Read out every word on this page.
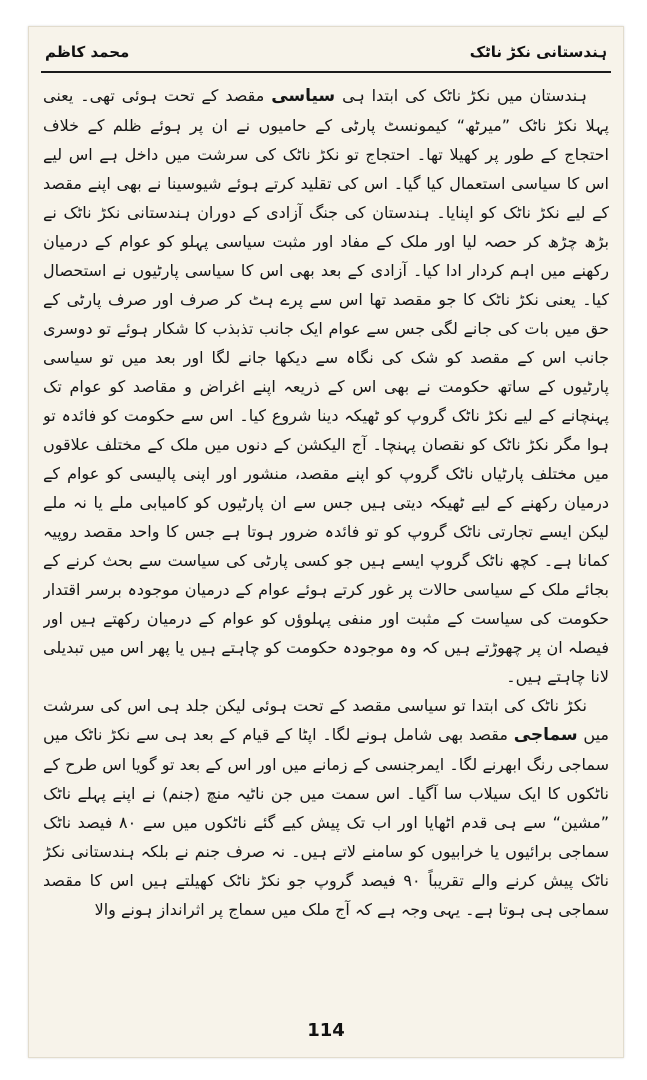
ہندستانی نکڑ ناٹک
محمد کاظم

ہندستان میں نکڑ ناٹک کی ابتدا ہی سیاسی مقصد کے تحت ہوئی تھی۔ یعنی پہلا نکڑ ناٹک ”میرٹھ“ کیمونسٹ پارٹی کے حامیوں نے ان پر ہوئے ظلم کے خلاف احتجاج کے طور پر کھیلا تھا۔ احتجاج تو نکڑ ناٹک کی سرشت میں داخل ہے اس لیے اس کا سیاسی استعمال کیا گیا۔ اس کی تقلید کرتے ہوئے شیوسینا نے بھی اپنے مقصد کے لیے نکڑ ناٹک کو اپنایا۔ ہندستان کی جنگ آزادی کے دوران ہندستانی نکڑ ناٹک نے بڑھ چڑھ کر حصہ لیا اور ملک کے مفاد اور مثبت سیاسی پہلو کو عوام کے درمیان رکھنے میں اہم کردار ادا کیا۔ آزادی کے بعد بھی اس کا سیاسی پارٹیوں نے استحصال کیا۔ یعنی نکڑ ناٹک کا جو مقصد تھا اس سے پرے ہٹ کر صرف اور صرف پارٹی کے حق میں بات کی جانے لگی جس سے عوام ایک جانب تذبذب کا شکار ہوئے تو دوسری جانب اس کے مقصد کو شک کی نگاہ سے دیکھا جانے لگا اور بعد میں تو سیاسی پارٹیوں کے ساتھ حکومت نے بھی اس کے ذریعہ اپنے اغراض و مقاصد کو عوام تک پہنچانے کے لیے نکڑ ناٹک گروپ کو ٹھیکہ دینا شروع کیا۔ اس سے حکومت کو فائدہ تو ہوا مگر نکڑ ناٹک کو نقصان پہنچا۔ آج الیکشن کے دنوں میں ملک کے مختلف علاقوں میں مختلف پارٹیاں ناٹک گروپ کو اپنے مقصد، منشور اور اپنی پالیسی کو عوام کے درمیان رکھنے کے لیے ٹھیکہ دیتی ہیں جس سے ان پارٹیوں کو کامیابی ملے یا نہ ملے لیکن ایسے تجارتی ناٹک گروپ کو تو فائدہ ضرور ہوتا ہے جس کا واحد مقصد روپیہ کمانا ہے۔ کچھ ناٹک گروپ ایسے ہیں جو کسی پارٹی کی سیاست سے بحث کرنے کے بجائے ملک کے سیاسی حالات پر غور کرتے ہوئے عوام کے درمیان موجودہ برسر اقتدار حکومت کی سیاست کے مثبت اور منفی پہلوؤں کو عوام کے درمیان رکھتے ہیں اور فیصلہ ان پر چھوڑتے ہیں کہ وہ موجودہ حکومت کو چاہتے ہیں یا پھر اس میں تبدیلی لانا چاہتے ہیں۔

نکڑ ناٹک کی ابتدا تو سیاسی مقصد کے تحت ہوئی لیکن جلد ہی اس کی سرشت میں سماجی مقصد بھی شامل ہونے لگا۔ اپٹا کے قیام کے بعد ہی سے نکڑ ناٹک میں سماجی رنگ ابھرنے لگا۔ ایمرجنسی کے زمانے میں اور اس کے بعد تو گویا اس طرح کے ناٹکوں کا ایک سیلاب سا آگیا۔ اس سمت میں جن ناٹیہ منچ (جنم) نے اپنے پہلے ناٹک ”مشین“ سے ہی قدم اٹھایا اور اب تک پیش کیے گئے ناٹکوں میں سے ۸۰ فیصد ناٹک سماجی برائیوں یا خرابیوں کو سامنے لاتے ہیں۔ نہ صرف جنم نے بلکہ ہندستانی نکڑ ناٹک پیش کرنے والے تقریباً ۹۰ فیصد گروپ جو نکڑ ناٹک کھیلتے ہیں اس کا مقصد سماجی ہی ہوتا ہے۔ یہی وجہ ہے کہ آج ملک میں سماج پر اثرانداز ہونے والا

114
